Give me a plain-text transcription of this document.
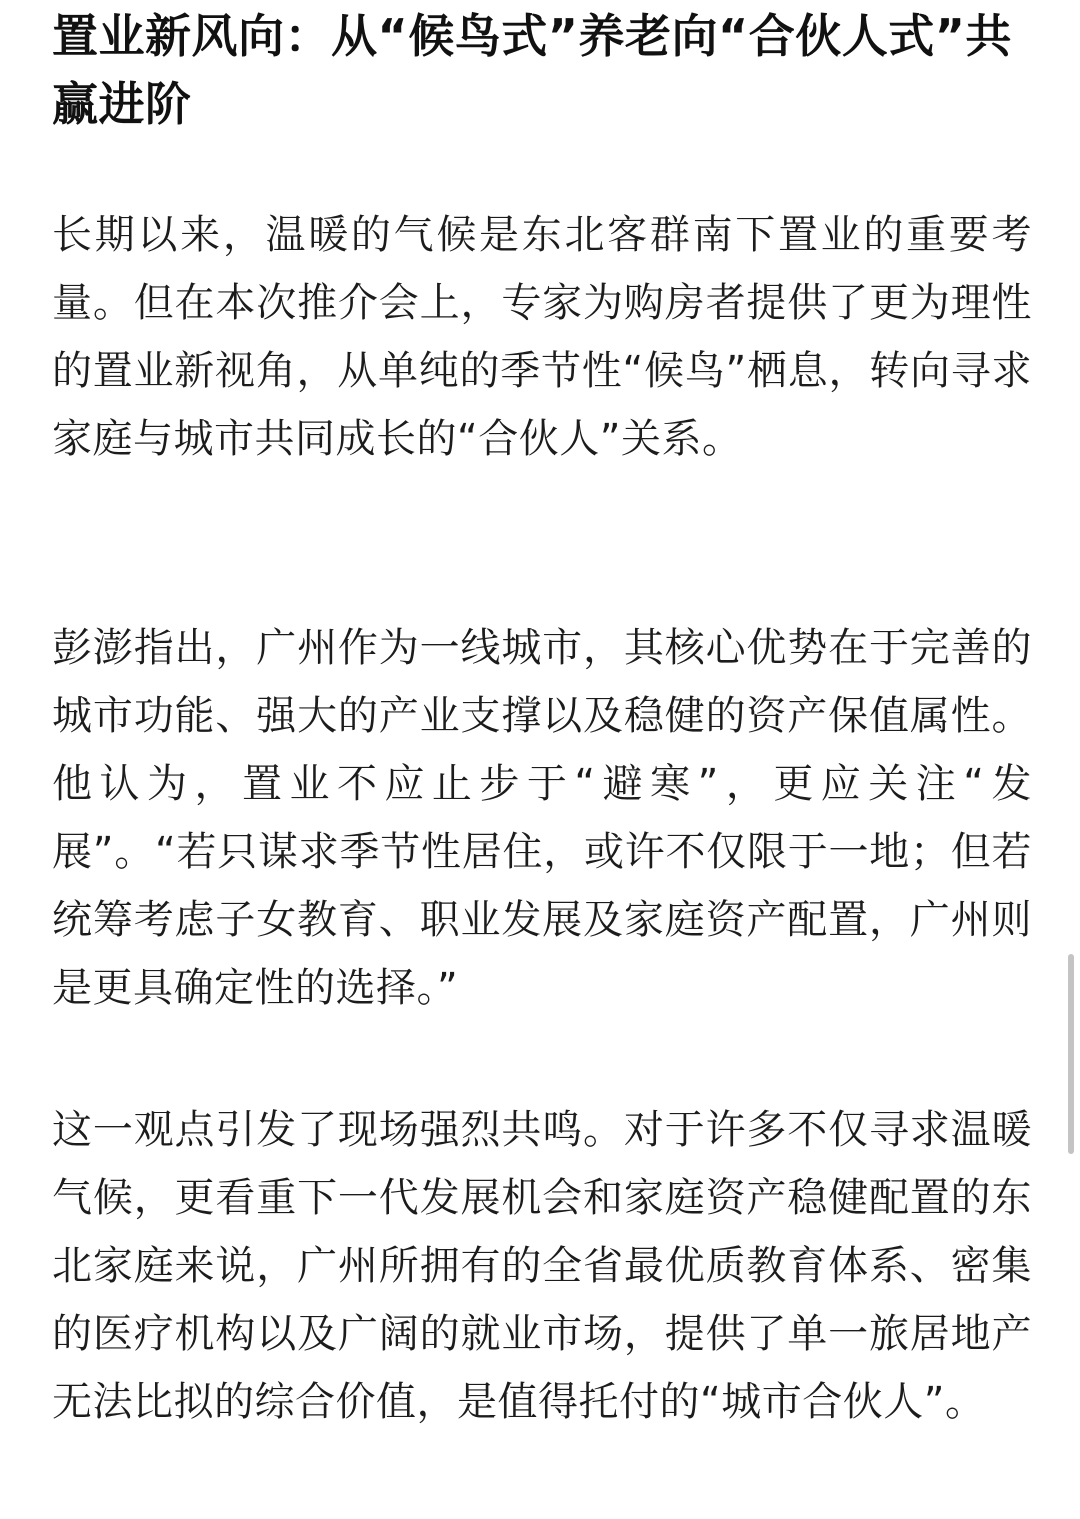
置业新风向：从“候鸟式”养老向“合伙人式”共赢进阶

长期以来，温暖的气候是东北客群南下置业的重要考量。但在本次推介会上，专家为购房者提供了更为理性的置业新视角，从单纯的季节性“候鸟”栖息，转向寻求家庭与城市共同成长的“合伙人”关系。

彭澎指出，广州作为一线城市，其核心优势在于完善的城市功能、强大的产业支撑以及稳健的资产保值属性。他认为，置业不应止步于“避寒”，更应关注“发展”。“若只谋求季节性居住，或许不仅限于一地；但若统筹考虑子女教育、职业发展及家庭资产配置，广州则是更具确定性的选择。”

这一观点引发了现场强烈共鸣。对于许多不仅寻求温暖气候，更看重下一代发展机会和家庭资产稳健配置的东北家庭来说，广州所拥有的全省最优质教育体系、密集的医疗机构以及广阔的就业市场，提供了单一旅居地产无法比拟的综合价值，是值得托付的“城市合伙人”。
